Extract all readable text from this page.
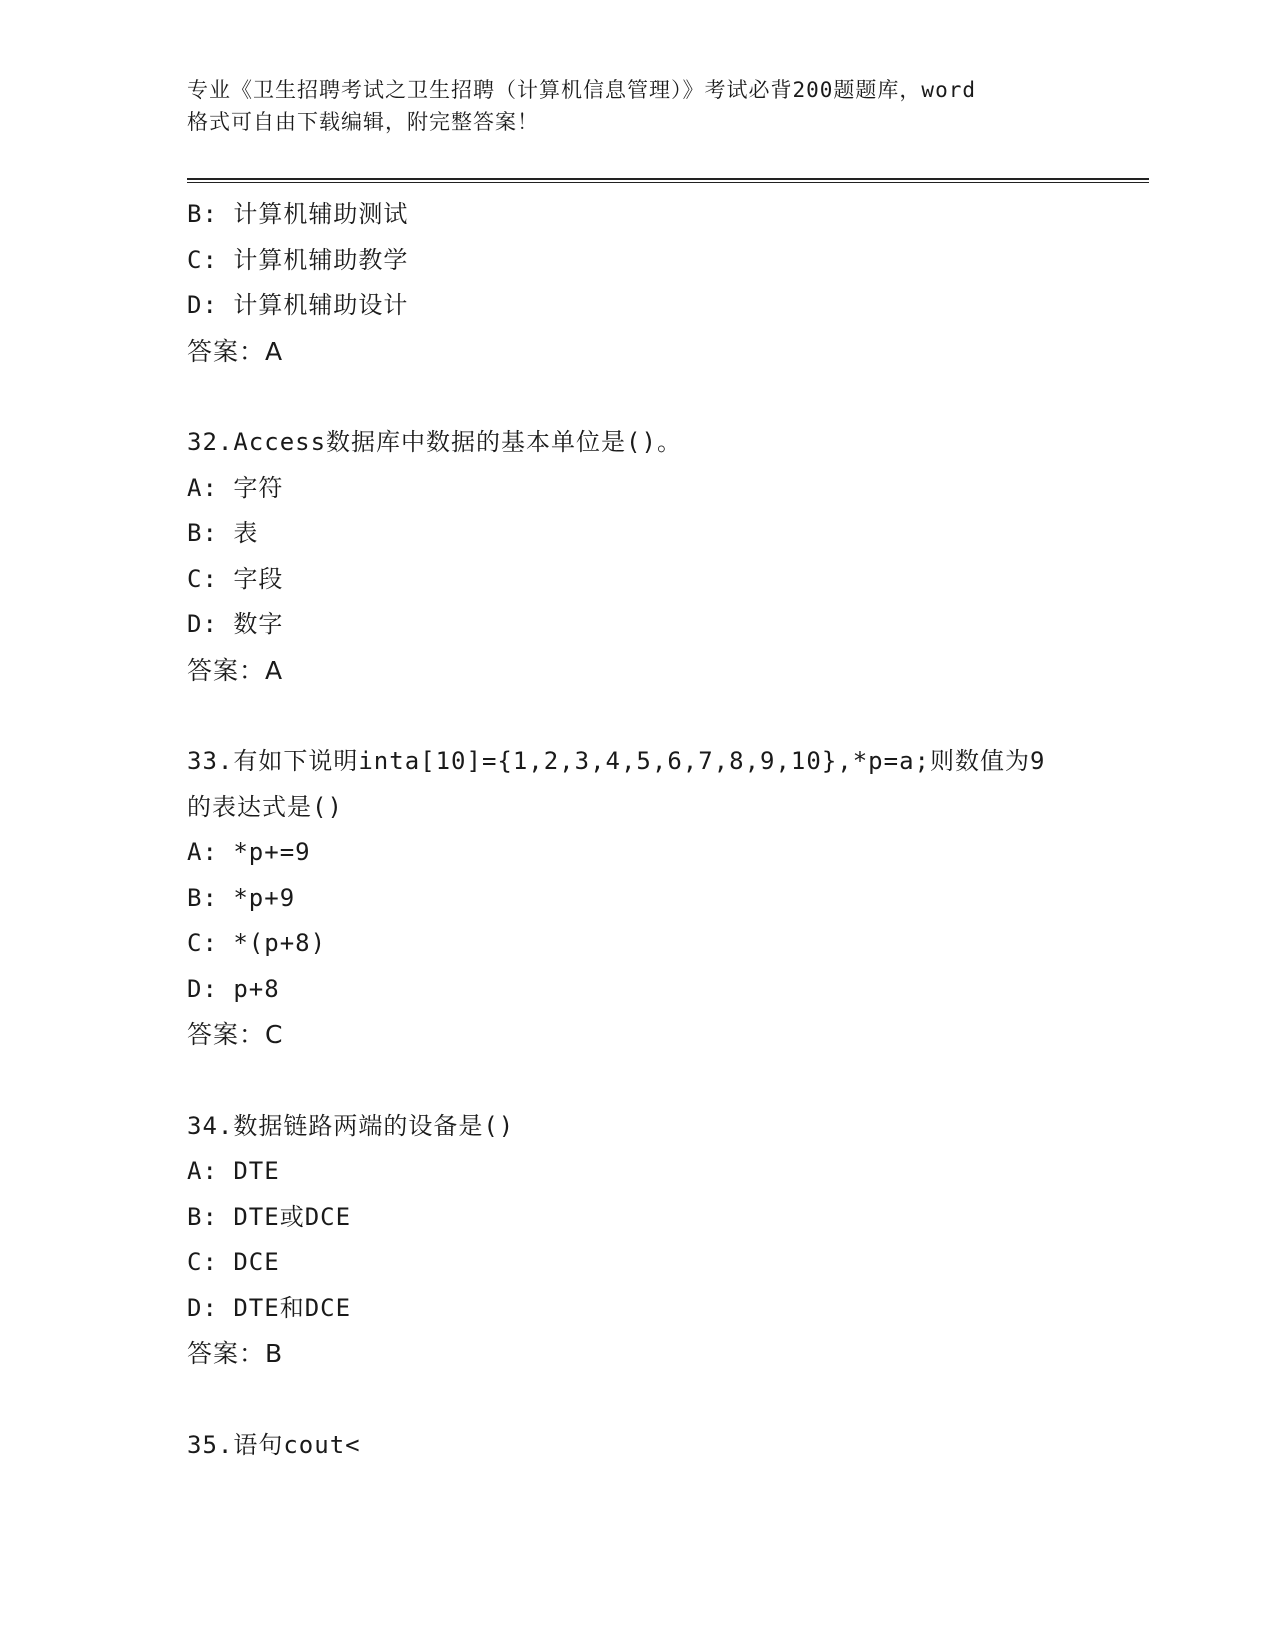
专业《卫生招聘考试之卫生招聘（计算机信息管理）》考试必背200题题库，word
格式可自由下载编辑，附完整答案！
B: 计算机辅助测试
C: 计算机辅助教学
D: 计算机辅助设计
答案：A
32.Access数据库中数据的基本单位是()。
A: 字符
B: 表
C: 字段
D: 数字
答案：A
33.有如下说明inta[10]={1,2,3,4,5,6,7,8,9,10},*p=a;则数值为9
的表达式是()
A: *p+=9
B: *p+9
C: *(p+8)
D: p+8
答案：C
34.数据链路两端的设备是()
A: DTE
B: DTE或DCE
C: DCE
D: DTE和DCE
答案：B
35.语句cout<
